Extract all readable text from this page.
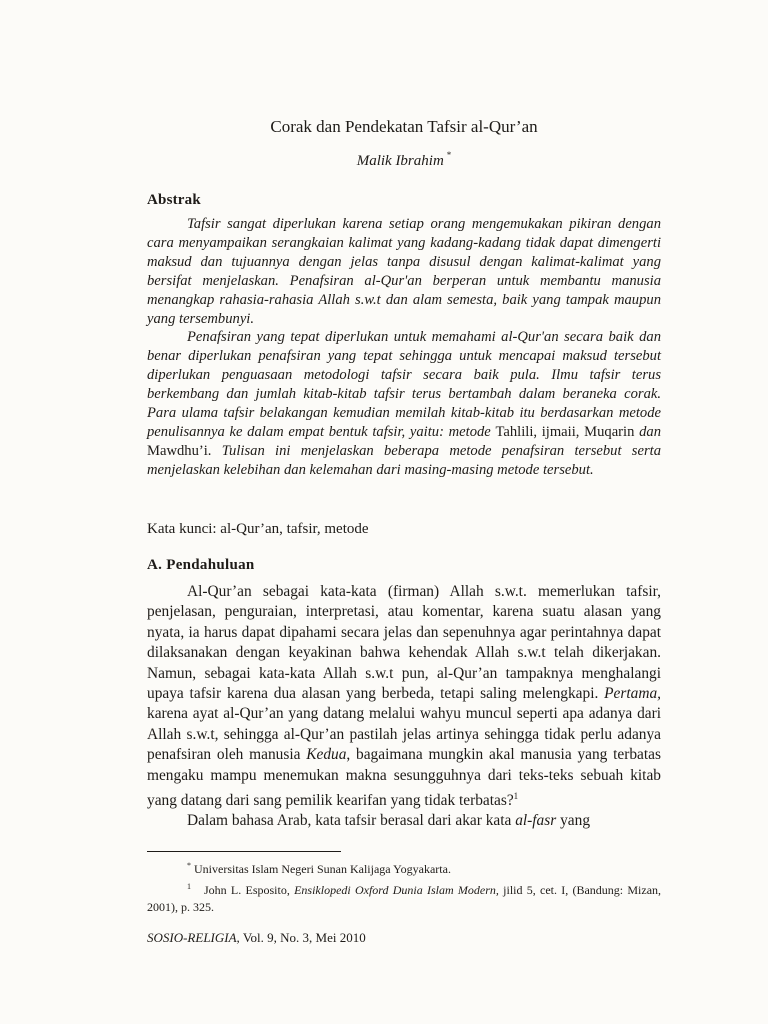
Corak dan Pendekatan Tafsir al-Qur’an
Malik Ibrahim *
Abstrak

Tafsir sangat diperlukan karena setiap orang mengemukakan pikiran dengan cara menyampaikan serangkaian kalimat yang kadang-kadang tidak dapat dimengerti maksud dan tujuannya dengan jelas tanpa disusul dengan kalimat-kalimat yang bersifat menjelaskan. Penafsiran al-Qur'an berperan untuk membantu manusia menangkap rahasia-rahasia Allah s.w.t dan alam semesta, baik yang tampak maupun yang tersembunyi.

Penafsiran yang tepat diperlukan untuk memahami al-Qur'an secara baik dan benar diperlukan penafsiran yang tepat sehingga untuk mencapai maksud tersebut diperlukan penguasaan metodologi tafsir secara baik pula. Ilmu tafsir terus berkembang dan jumlah kitab-kitab tafsir terus bertambah dalam beraneka corak. Para ulama tafsir belakangan kemudian memilah kitab-kitab itu berdasarkan metode penulisannya ke dalam empat bentuk tafsir, yaitu: metode Tahlili, ijmaii, Muqarin dan Mawdhu’i. Tulisan ini menjelaskan beberapa metode penafsiran tersebut serta menjelaskan kelebihan dan kelemahan dari masing-masing metode tersebut.

Kata kunci: al-Qur’an, tafsir, metode
A. Pendahuluan

Al-Qur’an sebagai kata-kata (firman) Allah s.w.t. memerlukan tafsir, penjelasan, penguraian, interpretasi, atau komentar, karena suatu alasan yang nyata, ia harus dapat dipahami secara jelas dan sepenuhnya agar perintahnya dapat dilaksanakan dengan keyakinan bahwa kehendak Allah s.w.t telah dikerjakan. Namun, sebagai kata-kata Allah s.w.t pun, al-Qur’an tampaknya menghalangi upaya tafsir karena dua alasan yang berbeda, tetapi saling melengkapi. Pertama, karena ayat al-Qur’an yang datang melalui wahyu muncul seperti apa adanya dari Allah s.w.t, sehingga al-Qur’an pastilah jelas artinya sehingga tidak perlu adanya penafsiran oleh manusia Kedua, bagaimana mungkin akal manusia yang terbatas mengaku mampu menemukan makna sesungguhnya dari teks-teks sebuah kitab yang datang dari sang pemilik kearifan yang tidak terbatas?$^1$

Dalam bahasa Arab, kata tafsir berasal dari akar kata al-fasr yang

* Universitas Islam Negeri Sunan Kalijaga Yogyakarta.

$^1$ John L. Esposito, Ensiklopedi Oxford Dunia Islam Modern, jilid 5, cet. I, (Bandung: Mizan, 2001), p. 325.

SOSIO-RELIGIA, Vol. 9, No. 3, Mei 2010
